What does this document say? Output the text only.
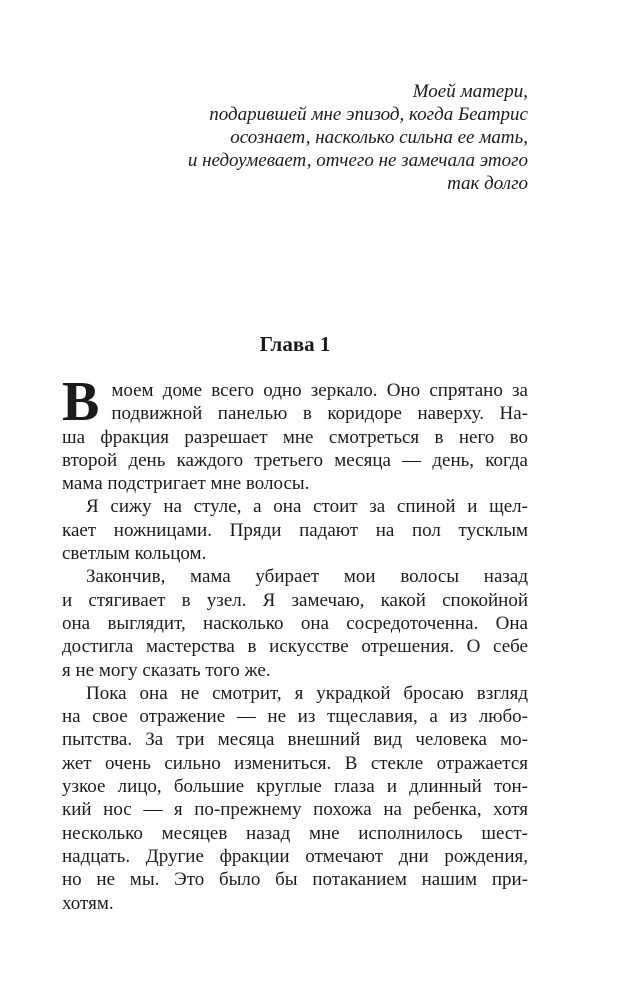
Моей матери,
подарившей мне эпизод, когда Беатрис
осознает, насколько сильна ее мать,
и недоумевает, отчего не замечала этого
так долго
Глава 1
В моем доме всего одно зеркало. Оно спрятано за
подвижной панелью в коридоре наверху. На-
ша фракция разрешает мне смотреться в него во
второй день каждого третьего месяца — день, когда
мама подстригает мне волосы.
Я сижу на стуле, а она стоит за спиной и щел-
кает ножницами. Пряди падают на пол тусклым
светлым кольцом.
Закончив, мама убирает мои волосы назад
и стягивает в узел. Я замечаю, какой спокойной
она выглядит, насколько она сосредоточенна. Она
достигла мастерства в искусстве отрешения. О себе
я не могу сказать того же.
Пока она не смотрит, я украдкой бросаю взгляд
на свое отражение — не из тщеславия, а из любо-
пытства. За три месяца внешний вид человека мо-
жет очень сильно измениться. В стекле отражается
узкое лицо, большие круглые глаза и длинный тон-
кий нос — я по-прежнему похожа на ребенка, хотя
несколько месяцев назад мне исполнилось шест-
надцать. Другие фракции отмечают дни рождения,
но не мы. Это было бы потаканием нашим при-
хотям.
